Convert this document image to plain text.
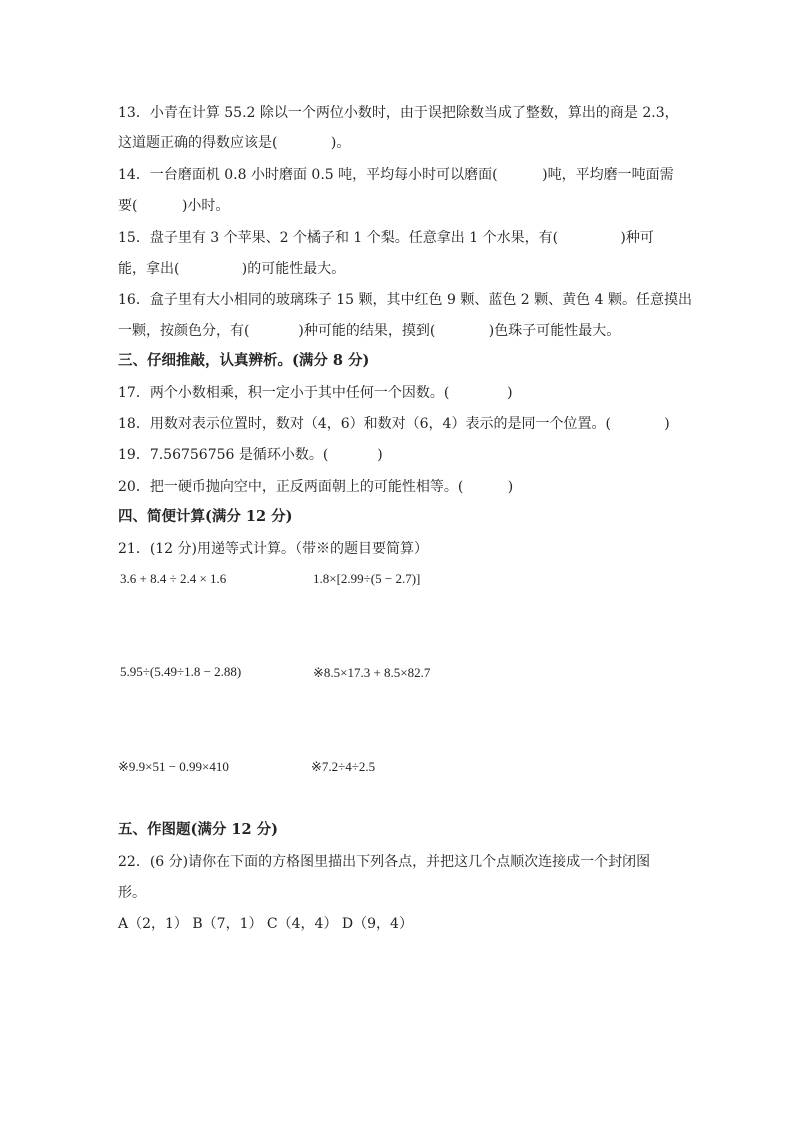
13．小青在计算 55.2 除以一个两位小数时，由于误把除数当成了整数，算出的商是 2.3，
这道题正确的得数应该是(            )。
14．一台磨面机 0.8 小时磨面 0.5 吨，平均每小时可以磨面(          )吨，平均磨一吨面需
要(          )小时。
15．盘子里有 3 个苹果、2 个橘子和 1 个梨。任意拿出 1 个水果，有(              )种可
能，拿出(              )的可能性最大。
16．盒子里有大小相同的玻璃珠子 15 颗，其中红色 9 颗、蓝色 2 颗、黄色 4 颗。任意摸出
一颗，按颜色分，有(           )种可能的结果，摸到(            )色珠子可能性最大。
三、仔细推敲，认真辨析。(满分 8 分)
17．两个小数相乘，积一定小于其中任何一个因数。(             )
18．用数对表示位置时，数对（4，6）和数对（6，4）表示的是同一个位置。(            )
19．7.56756756 是循环小数。(           )
20．把一硬币抛向空中，正反两面朝上的可能性相等。(          )
四、简便计算(满分 12 分)
21．(12 分)用递等式计算。（带※的题目要简算）
3.6 + 8.4 ÷ 2.4 × 1.6	1.8×[2.99÷(5 − 2.7)]
5.95÷(5.49÷1.8 − 2.88)	※8.5×17.3 + 8.5×82.7
※9.9×51 − 0.99×410	※7.2÷4÷2.5
五、作图题(满分 12 分)
22．(6 分)请你在下面的方格图里描出下列各点，并把这几个点顺次连接成一个封闭图
形。
A（2，1） B（7，1） C（4，4） D（9，4）
